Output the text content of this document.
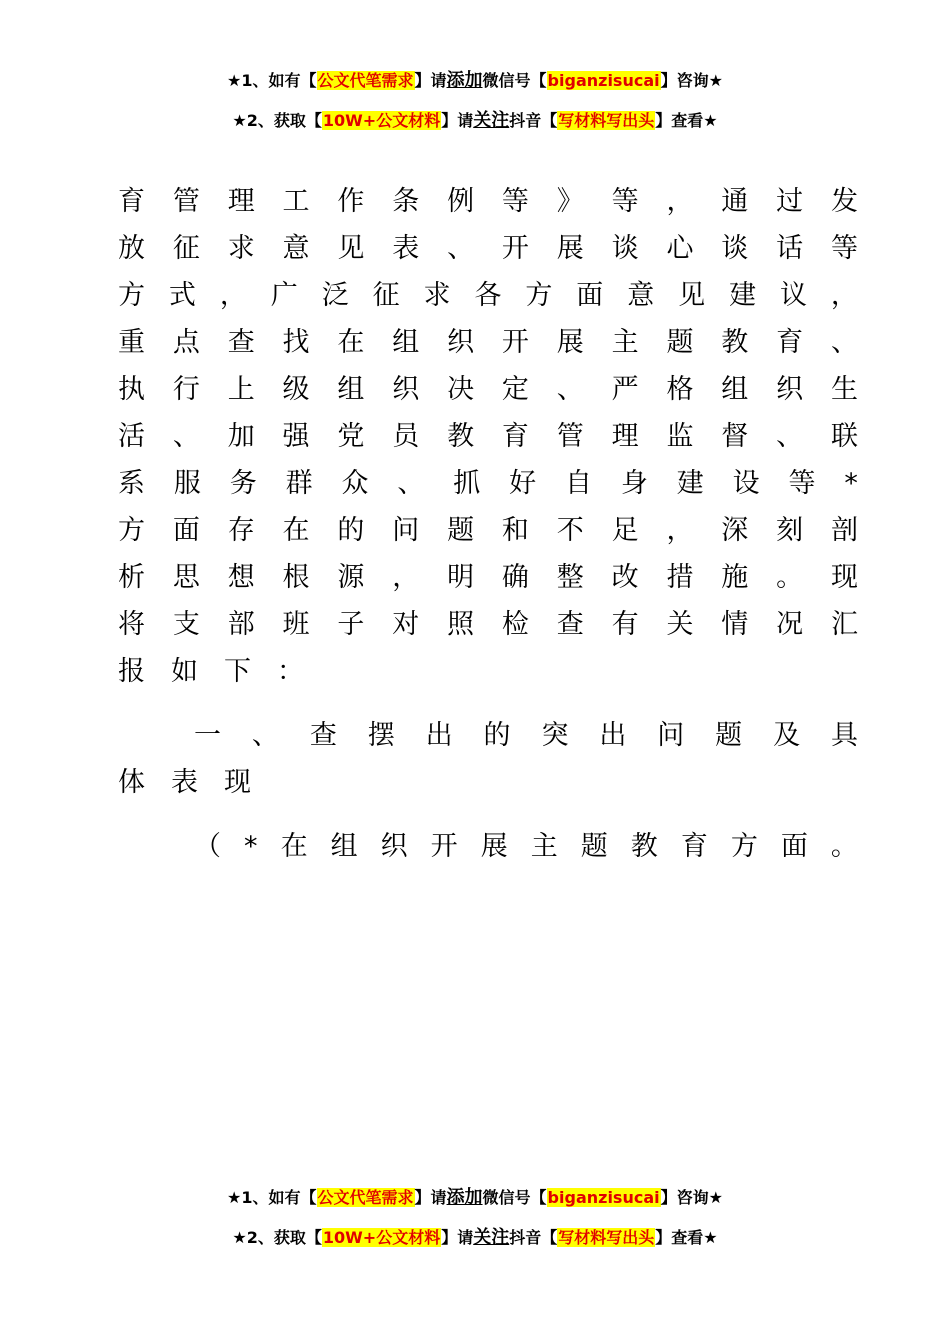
★1、如有【公文代笔需求】请添加微信号【biganzisucai】咨询★
★2、获取【10W+公文材料】请关注抖音【写材料写出头】查看★
育 管 理 工 作 条 例 等 》 等 ， 通 过 发
放 征 求 意 见 表 、 开 展 谈 心 谈 话 等
方 式 ， 广 泛 征 求 各 方 面 意 见 建 议 ，
重 点 查 找 在 组 织 开 展 主 题 教 育 、
执 行 上 级 组 织 决 定 、 严 格 组 织 生
活 、 加 强 党 员 教 育 管 理 监 督 、 联
系 服 务 群 众 、 抓 好 自 身 建 设 等 *
方 面 存 在 的 问 题 和 不 足 ， 深 刻 剖
析 思 想 根 源 ， 明 确 整 改 措 施 。 现
将 支 部 班 子 对 照 检 查 有 关 情 况 汇
报 如 下 ：
一 、 查 摆 出 的 突 出 问 题 及 具
体 表 现
（ * 在 组 织 开 展 主 题 教 育 方 面 。
★1、如有【公文代笔需求】请添加微信号【biganzisucai】咨询★
★2、获取【10W+公文材料】请关注抖音【写材料写出头】查看★
